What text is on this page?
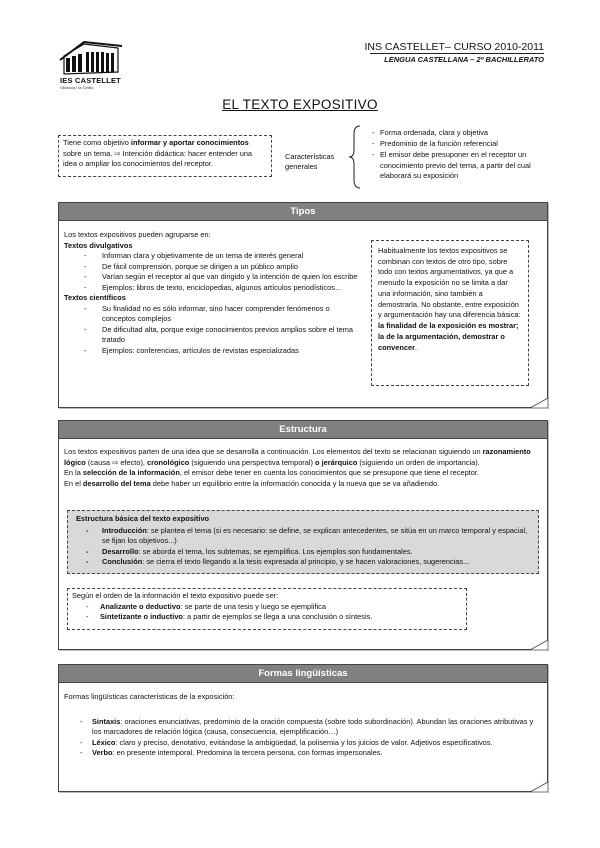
IES CASTELLET
Vilanova i la Geltrú
INS CASTELLET– CURSO 2010-2011
LENGUA CASTELLANA – 2º BACHILLERATO
EL TEXTO EXPOSITIVO
Tiene como objetivo informar y aportar conocimientos sobre un tema. ⇨ Intención didáctica: hacer entender una idea o ampliar los conocimientos del receptor.
Características generales
- Forma ordenada, clara y objetiva
- Predominio de la función referencial
- El emisor debe presuponer en el receptor un conocimiento previo del tema, a partir del cual elaborará su exposición
Tipos
Los textos expositivos pueden agruparse en:
Textos divulgativos
- Informan clara y objetivamente de un tema de interés general
- De fácil comprensión, porque se dirigen a un público amplio
- Varían según el receptor al que van dirigido y la intención de quien los escribe
- Ejemplos: libros de texto, enciclopedias, algunos artículos periodísticos…
Textos científicos
- Su finalidad no es sólo informar, sino hacer comprender fenómenos o conceptos complejos
- De dificultad alta, porque exige conocimientos previos amplios sobre el tema tratado
- Ejemplos: conferencias, artículos de revistas especializadas
Habitualmente los textos expositivos se combinan con textos de otro tipo, sobre todo con textos argumentativos, ya que a menudo la exposición no se limita a dar una información, sino también a demostrarla. No obstante, entre exposición y argumentación hay una diferencia básica: la finalidad de la exposición es mostrar; la de la argumentación, demostrar o convencer.
Estructura
Los textos expositivos parten de una idea que se desarrolla a continuación. Los elementos del texto se relacionan siguiendo un razonamiento lógico (causa ⇨ efecto), cronológico (siguiendo una perspectiva temporal) o jerárquico (siguiendo un orden de importancia).
En la selección de la información, el emisor debe tener en cuenta los conocimientos que se presupone que tiene el receptor.
En el desarrollo del tema debe haber un equilibrio entre la información conocida y la nueva que se va añadiendo.
Estructura básica del texto expositivo
- Introducción: se plantea el tema (si es necesario: se define, se explican antecedentes, se sitúa en un marco temporal y espacial, se fijan los objetivos...)
- Desarrollo: se aborda el tema, los subtemas, se ejemplifica. Los ejemplos son fundamentales.
- Conclusión: se cierra el texto llegando a la tesis expresada al principio, y se hacen valoraciones, sugerencias...
Según el orden de la información el texto expositivo puede ser:
- Analizante o deductivo: se parte de una tesis y luego se ejemplifica
- Sintetizante o inductivo: a partir de ejemplos se llega a una conclusión o síntesis.
Formas lingüísticas
Formas lingüísticas características de la exposición:
- Sintaxis: oraciones enunciativas, predominio de la oración compuesta (sobre todo subordinación). Abundan las oraciones atributivas y los marcadores de relación lógica (causa, consecuencia, ejemplificación…)
- Léxico: claro y preciso, denotativo, evitándose la ambigüedad, la polisemia y los juicios de valor. Adjetivos especificativos.
- Verbo: en presente intemporal. Predomina la tercera persona, con formas impersonales.
